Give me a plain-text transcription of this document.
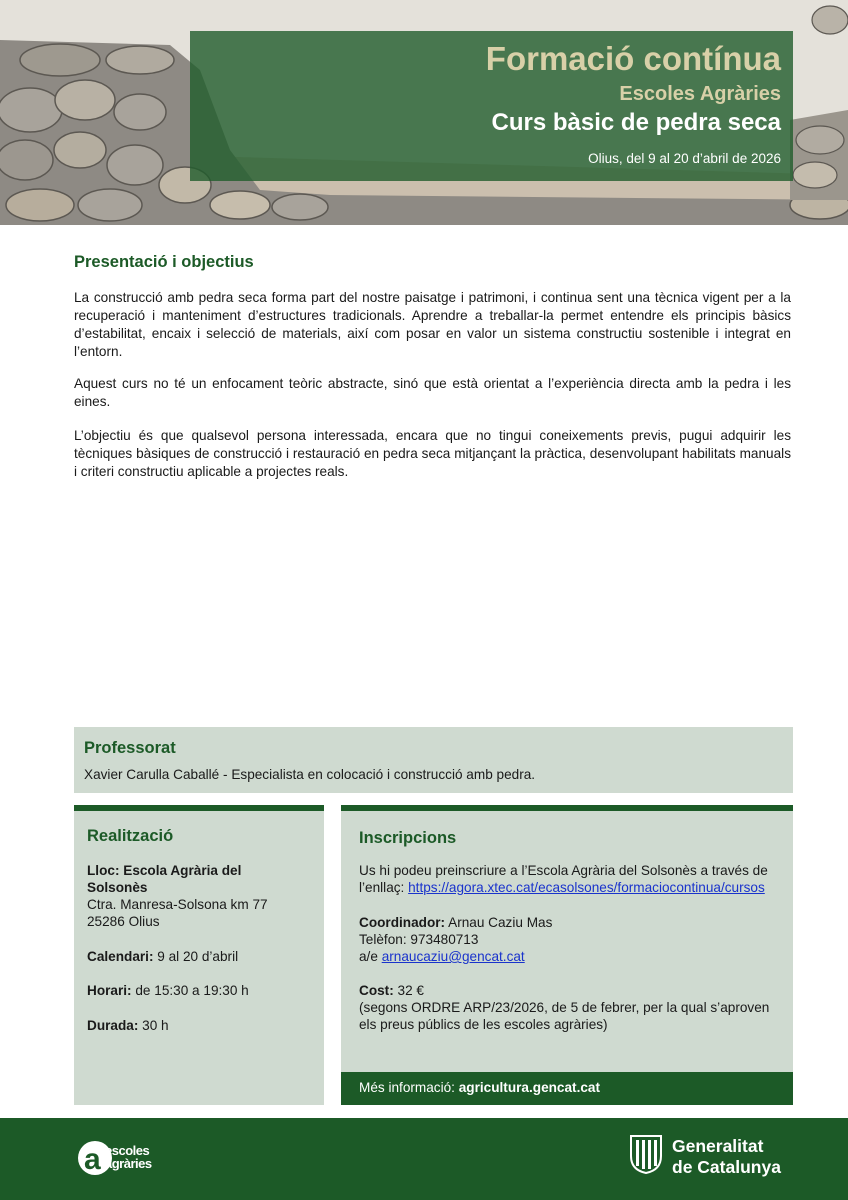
Formació contínua
Escoles Agràries
Curs bàsic de pedra seca
Olius, del 9 al 20 d’abril de 2026
Presentació i objectius

La construcció amb pedra seca forma part del nostre paisatge i patrimoni, i continua sent una tècnica vigent per a la recuperació i manteniment d’estructures tradicionals. Aprendre a treballar-la permet entendre els principis bàsics d’estabilitat, encaix i selecció de materials, així com posar en valor un sistema constructiu sostenible i integrat en l’entorn.

Aquest curs no té un enfocament teòric abstracte, sinó que està orientat a l’experiència directa amb la pedra i les eines.

L’objectiu és que qualsevol persona interessada, encara que no tingui coneixements previs, pugui adquirir les tècniques bàsiques de construcció i restauració en pedra seca mitjançant la pràctica, desenvolupant habilitats manuals i criteri constructiu aplicable a projectes reals.

Professorat
Xavier Carulla Caballé - Especialista en colocació i construcció amb pedra.
Realització
Lloc: Escola Agrària del Solsonès
Ctra. Manresa-Solsona km 77 25286 Olius
Calendari: 9 al 20 d’abril
Horari: de 15:30 a 19:30 h
Durada: 30 h
Inscripcions
Us hi podeu preinscriure a l’Escola Agrària del Solsonès a través de l’enllaç: https://agora.xtec.cat/ecasolsones/formaciocontinua/cursos
Coordinador: Arnau Caziu Mas
Telèfon: 973480713
a/e arnaucaziu@gencat.cat
Cost: 32 €
(segons ORDRE ARP/23/2026, de 5 de febrer, per la qual s’aproven els preus públics de les escoles agràries)
Més informació: agricultura.gencat.cat
a escoles
agràries
Generalitat
de Catalunya
